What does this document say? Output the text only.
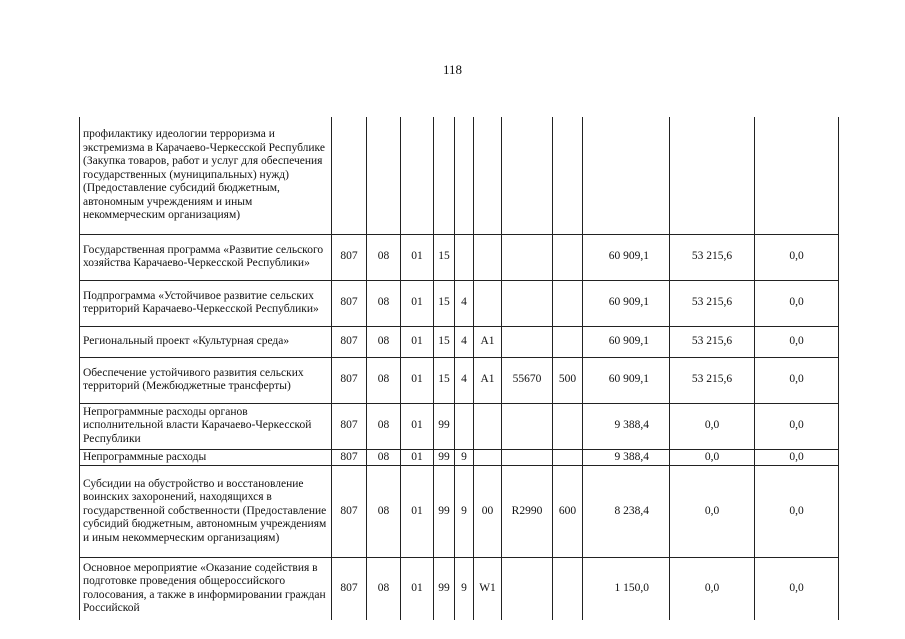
118
	профилактику идеологии терроризма и экстремизма в Карачаево-Черкесской Республике (Закупка товаров, работ и услуг для обеспечения государственных (муниципальных) нужд) (Предоставление субсидий бюджетным, автономным учреждениям и иным некоммерческим организациям)											
	Государственная программа «Развитие сельского хозяйства Карачаево-Черкесской Республики»	807	08	01	15					60 909,1	53 215,6	0,0
	Подпрограмма «Устойчивое развитие сельских территорий Карачаево-Черкесской Республики»	807	08	01	15	4				60 909,1	53 215,6	0,0
	Региональный проект «Культурная среда»	807	08	01	15	4	А1			60 909,1	53 215,6	0,0
	Обеспечение устойчивого развития сельских территорий (Межбюджетные трансферты)	807	08	01	15	4	А1	55670	500	60 909,1	53 215,6	0,0
	Непрограммные расходы органов исполнительной власти Карачаево-Черкесской Республики	807	08	01	99					9 388,4	0,0	0,0
	Непрограммные расходы	807	08	01	99	9				9 388,4	0,0	0,0
	Субсидии на обустройство и восстановление воинских захоронений, находящихся в государственной собственности (Предоставление субсидий бюджетным, автономным учреждениям и иным некоммерческим организациям)	807	08	01	99	9	00	R2990	600	8 238,4	0,0	0,0
	Основное мероприятие «Оказание содействия в подготовке проведения общероссийского голосования, а также в информировании граждан Российской	807	08	01	99	9	W1			1 150,0	0,0	0,0
